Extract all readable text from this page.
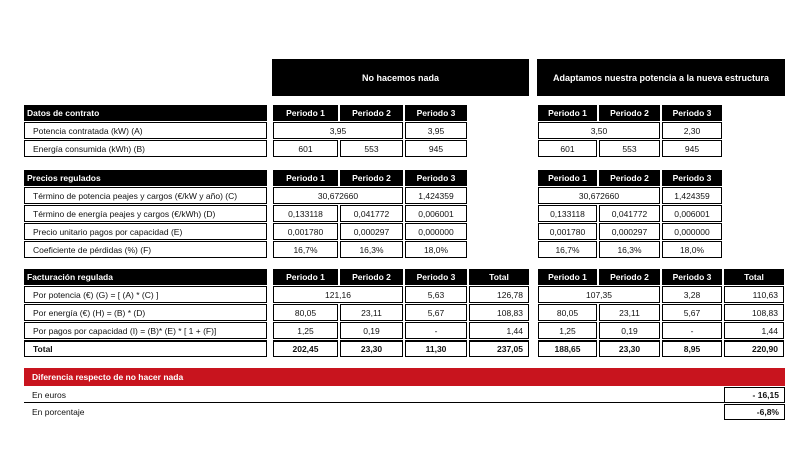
No hacemos nada	Adaptamos nuestra potencia a la nueva estructura
Datos de contrato	Periodo 1	Periodo 2	Periodo 3	Periodo 1	Periodo 2	Periodo 3
Potencia contratada (kW) (A)	3,95	3,95	3,50	2,30
Energía consumida (kWh) (B)	601	553	945	601	553	945
Precios regulados	Periodo 1	Periodo 2	Periodo 3	Periodo 1	Periodo 2	Periodo 3
Término de potencia peajes y cargos (€/kW y año) (C)	30,672660	1,424359	30,672660	1,424359
Término de energía peajes y cargos (€/kWh) (D)	0,133118	0,041772	0,006001	0,133118	0,041772	0,006001
Precio unitario pagos por capacidad (E)	0,001780	0,000297	0,000000	0,001780	0,000297	0,000000
Coeficiente de pérdidas (%) (F)	16,7%	16,3%	18,0%	16,7%	16,3%	18,0%
Facturación regulada	Periodo 1	Periodo 2	Periodo 3	Total	Periodo 1	Periodo 2	Periodo 3	Total
Por potencia (€) (G) = [ (A) * (C) ]	121,16	5,63	126,78	107,35	3,28	110,63
Por energía (€) (H) = (B) * (D)	80,05	23,11	5,67	108,83	80,05	23,11	5,67	108,83
Por pagos por capacidad (I) = (B)* (E) * [ 1 + (F)]	1,25	0,19	-	1,44	1,25	0,19	-	1,44
Total	202,45	23,30	11,30	237,05	188,65	23,30	8,95	220,90
Diferencia respecto de no hacer nada
En euros	- 16,15
En porcentaje	-6,8%
